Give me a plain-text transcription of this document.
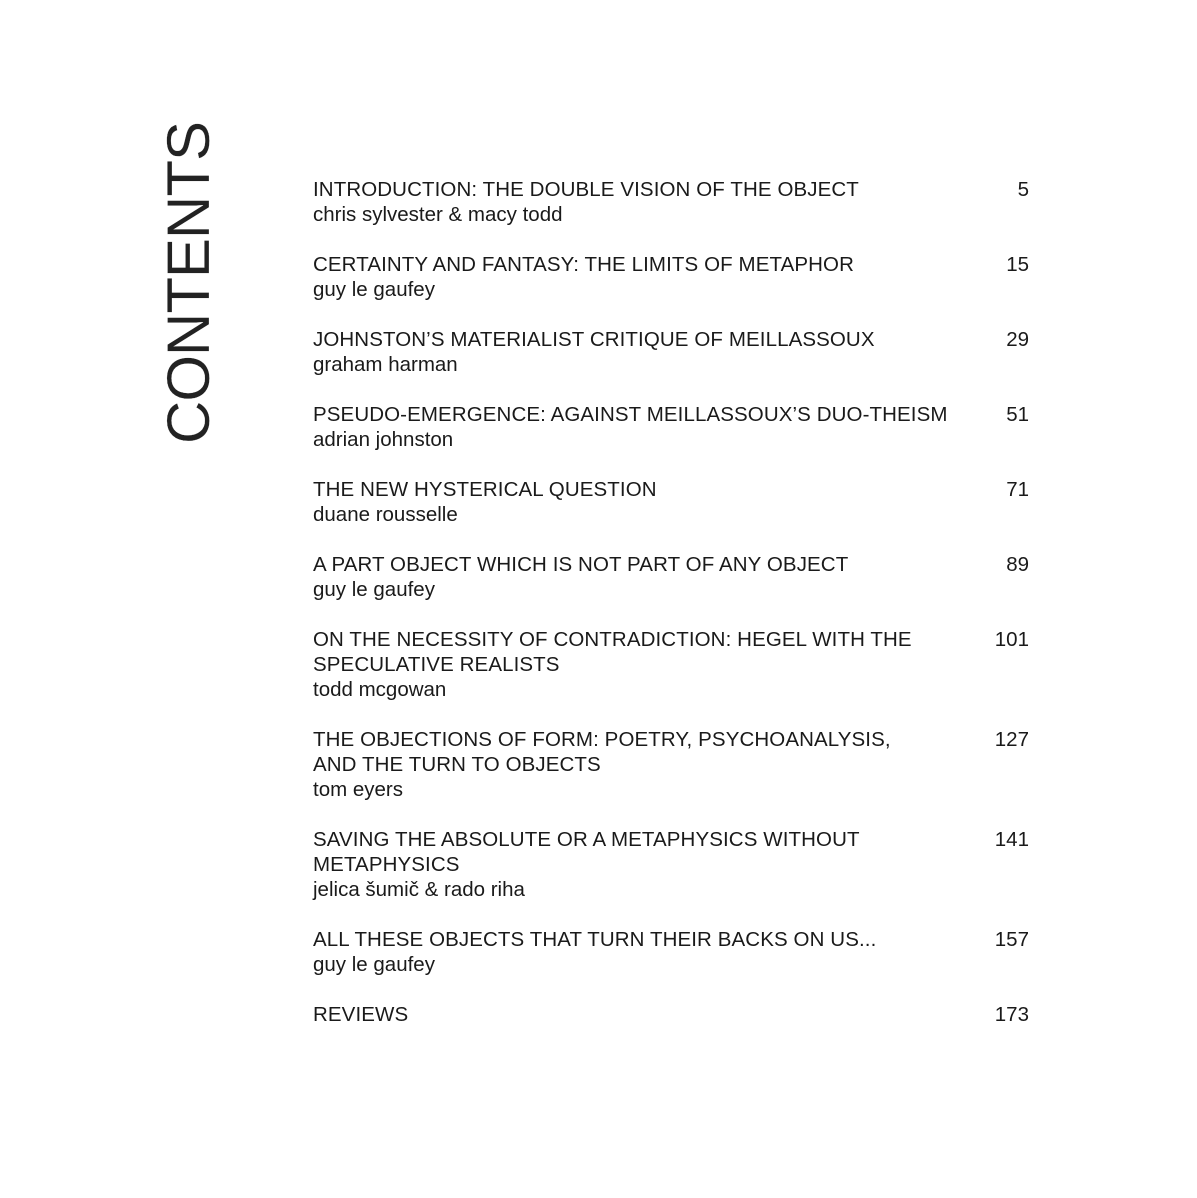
CONTENTS	INTRODUCTION: THE DOUBLE VISION OF THE OBJECT
chris sylvester & macy todd
5
CERTAINTY AND FANTASY: THE LIMITS OF METAPHOR
guy le gaufey
15
JOHNSTON’S MATERIALIST CRITIQUE OF MEILLASSOUX
graham harman
29
PSEUDO-EMERGENCE: AGAINST MEILLASSOUX’S DUO-THEISM
adrian johnston
51
THE NEW HYSTERICAL QUESTION
duane rousselle
71
A PART OBJECT WHICH IS NOT PART OF ANY OBJECT
guy le gaufey
89
ON THE NECESSITY OF CONTRADICTION: HEGEL WITH THE
SPECULATIVE REALISTS
todd mcgowan
101
THE OBJECTIONS OF FORM: POETRY, PSYCHOANALYSIS,
AND THE TURN TO OBJECTS
tom eyers
127
SAVING THE ABSOLUTE OR A METAPHYSICS WITHOUT
METAPHYSICS
jelica šumič & rado riha
141
ALL THESE OBJECTS THAT TURN THEIR BACKS ON US...
guy le gaufey
157
REVIEWS	173
